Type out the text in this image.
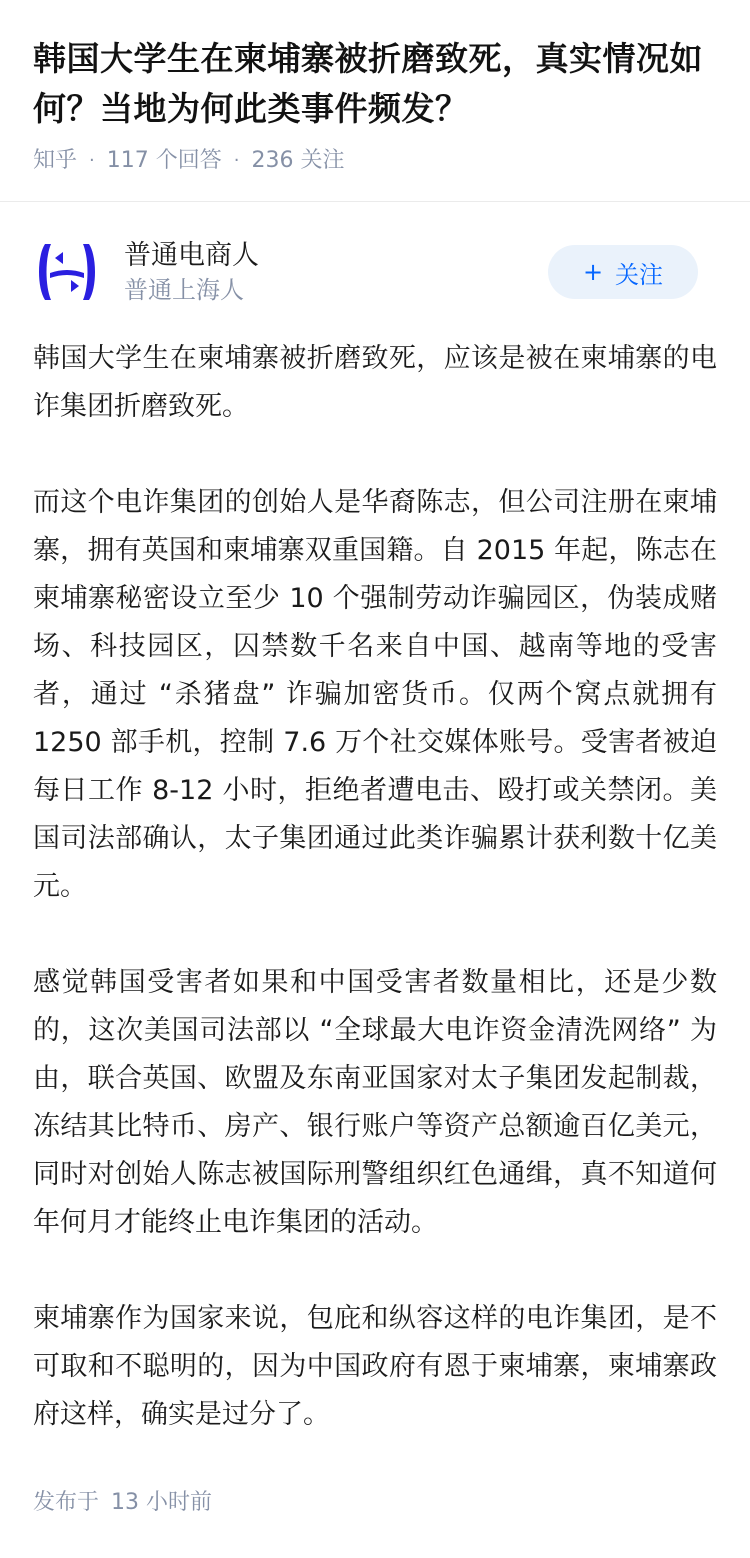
韩国大学生在柬埔寨被折磨致死，真实情况如何？当地为何此类事件频发？
知乎 · 117 个回答 · 236 关注
普通电商人
普通上海人
+ 关注

韩国大学生在柬埔寨被折磨致死，应该是被在柬埔寨的电诈集团折磨致死。

而这个电诈集团的创始人是华裔陈志，但公司注册在柬埔寨，拥有英国和柬埔寨双重国籍。自 2015 年起，陈志在柬埔寨秘密设立至少 10 个强制劳动诈骗园区，伪装成赌场、科技园区，囚禁数千名来自中国、越南等地的受害者，通过 “杀猪盘” 诈骗加密货币。仅两个窝点就拥有 1250 部手机，控制 7.6 万个社交媒体账号。受害者被迫每日工作 8-12 小时，拒绝者遭电击、殴打或关禁闭。美国司法部确认，太子集团通过此类诈骗累计获利数十亿美元。

感觉韩国受害者如果和中国受害者数量相比，还是少数的，这次美国司法部以 “全球最大电诈资金清洗网络” 为由，联合英国、欧盟及东南亚国家对太子集团发起制裁，冻结其比特币、房产、银行账户等资产总额逾百亿美元，同时对创始人陈志被国际刑警组织红色通缉，真不知道何年何月才能终止电诈集团的活动。

柬埔寨作为国家来说，包庇和纵容这样的电诈集团，是不可取和不聪明的，因为中国政府有恩于柬埔寨，柬埔寨政府这样，确实是过分了。

发布于 13 小时前
